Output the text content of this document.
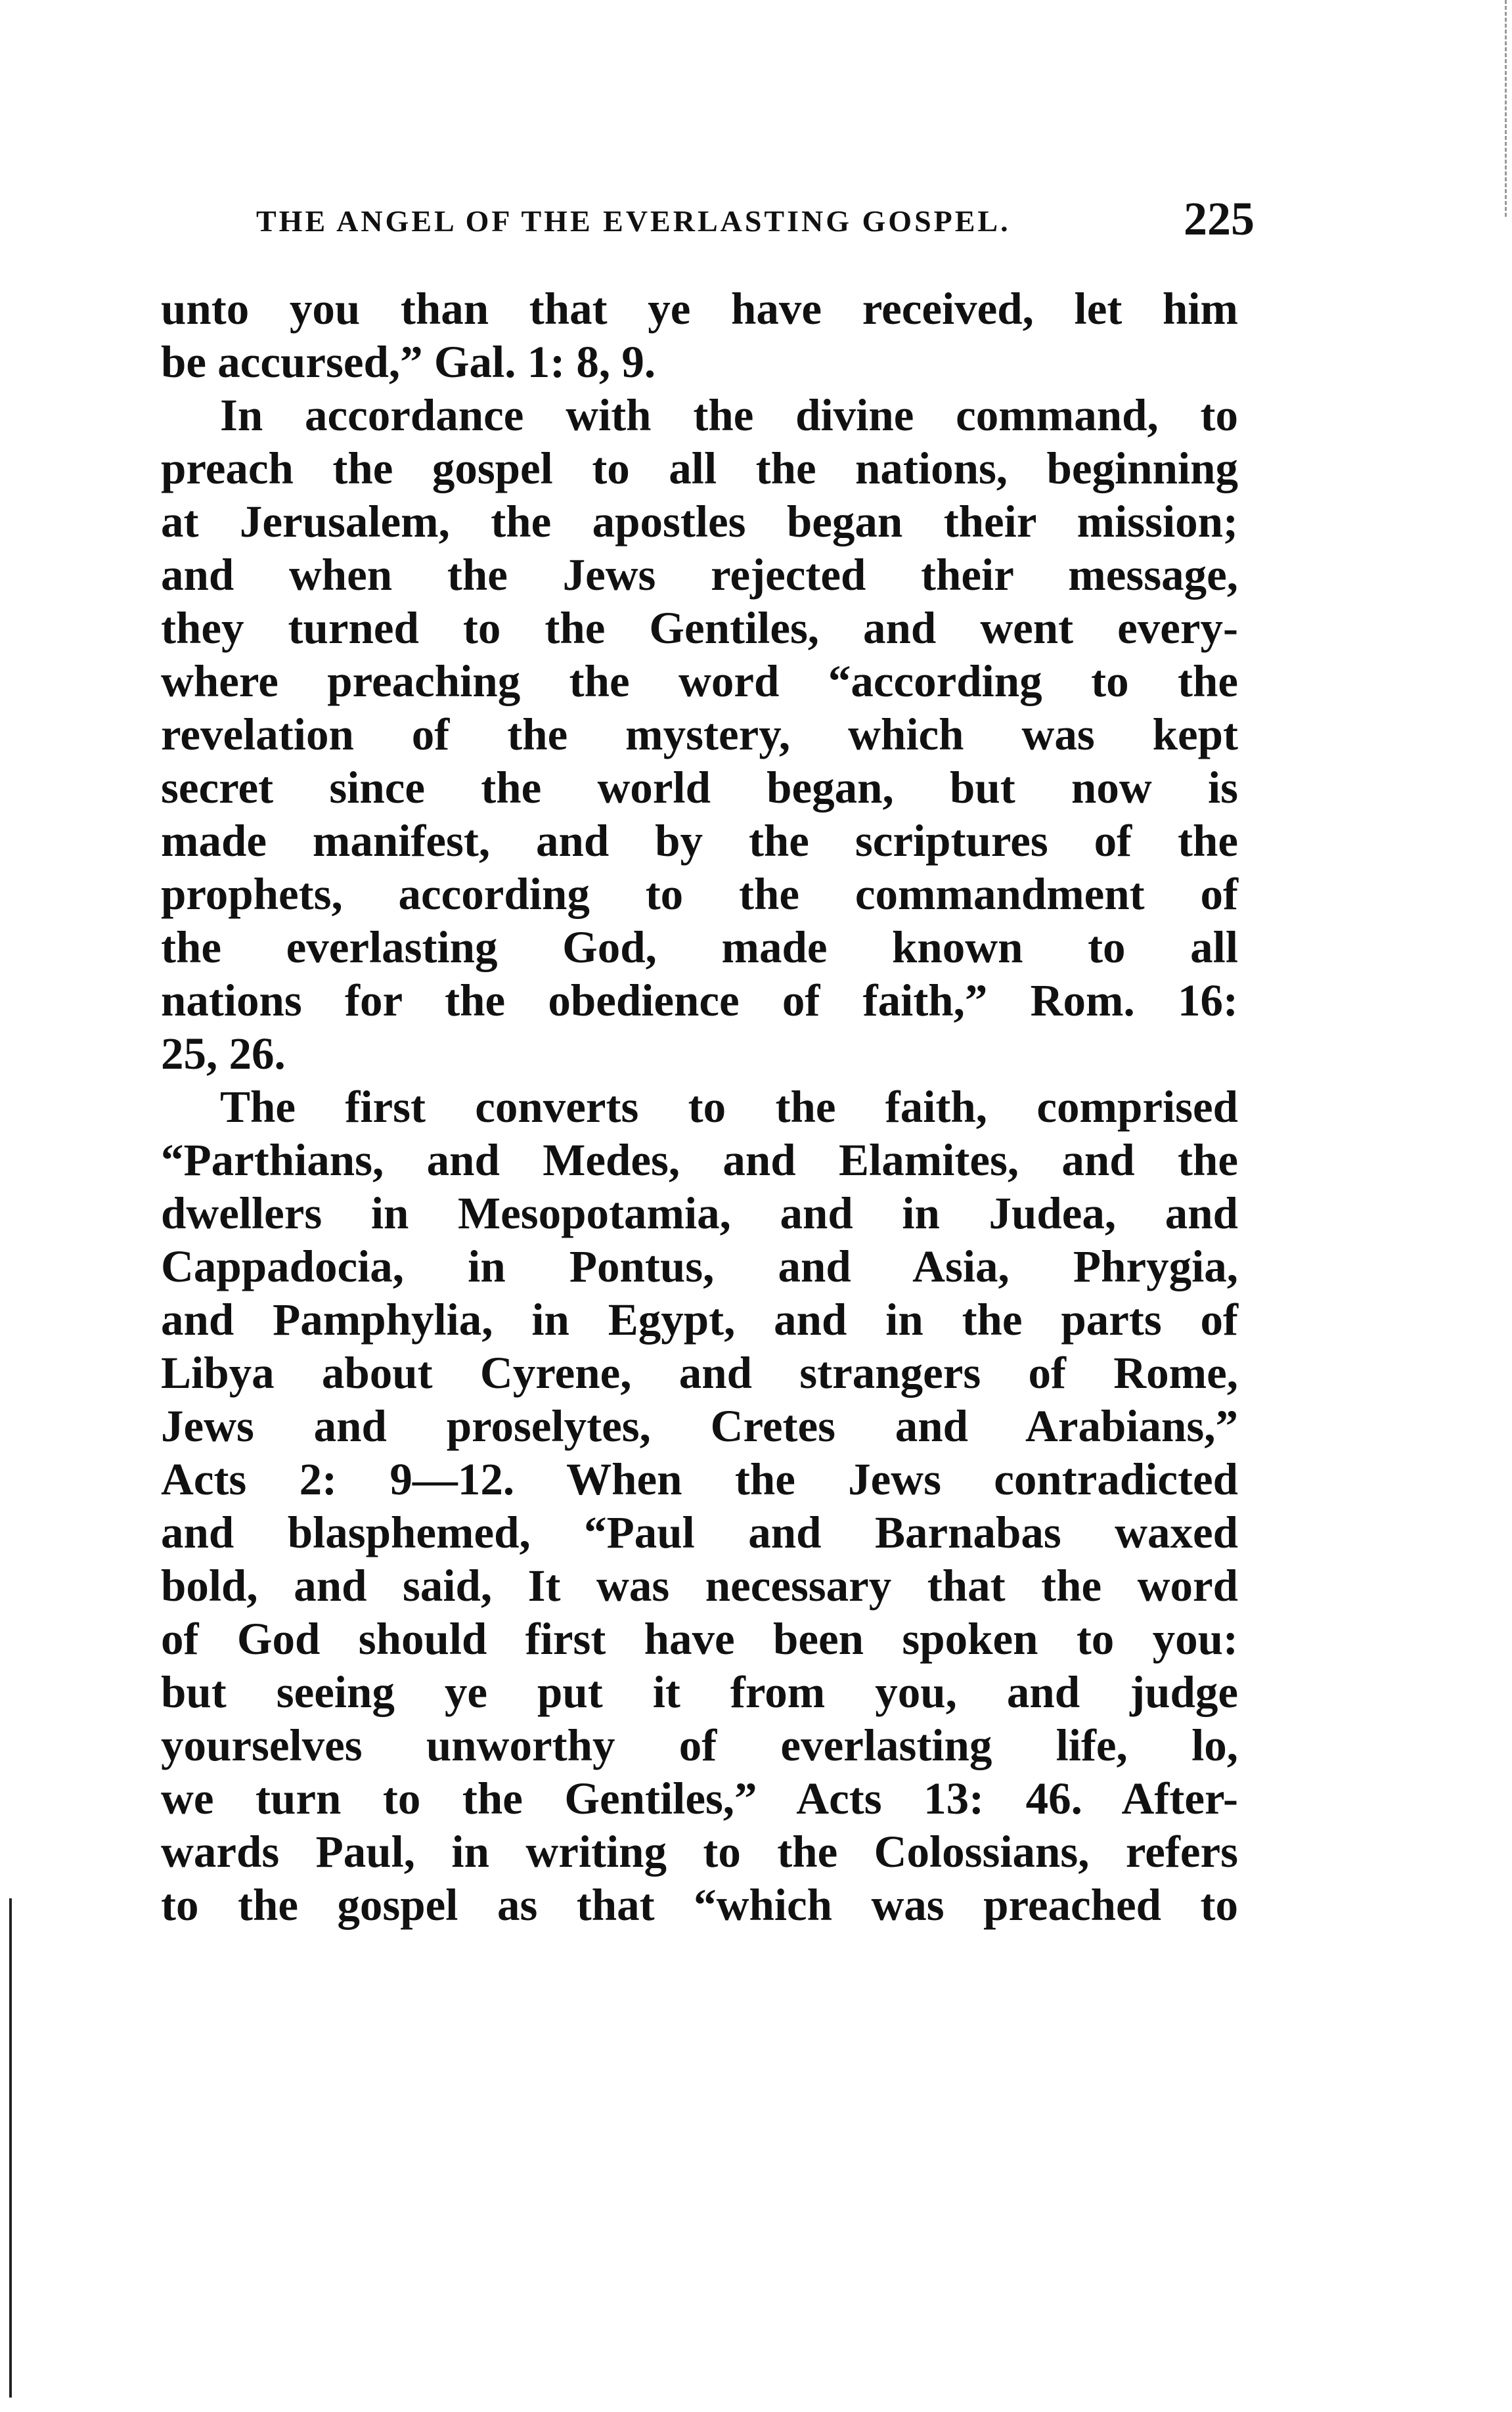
THE ANGEL OF THE EVERLASTING GOSPEL.	225
unto you than that ye have received, let him
be accursed,” Gal. 1: 8, 9.
In accordance with the divine command, to
preach the gospel to all the nations, beginning
at Jerusalem, the apostles began their mission;
and when the Jews rejected their message,
they turned to the Gentiles, and went every-
where preaching the word “according to the
revelation of the mystery, which was kept
secret since the world began, but now is
made manifest, and by the scriptures of the
prophets, according to the commandment of
the everlasting God, made known to all
nations for the obedience of faith,” Rom. 16:
25, 26.
The first converts to the faith, comprised
“Parthians, and Medes, and Elamites, and the
dwellers in Mesopotamia, and in Judea, and
Cappadocia, in Pontus, and Asia, Phrygia,
and Pamphylia, in Egypt, and in the parts of
Libya about Cyrene, and strangers of Rome,
Jews and proselytes, Cretes and Arabians,”
Acts 2: 9—12. When the Jews contradicted
and blasphemed, “Paul and Barnabas waxed
bold, and said, It was necessary that the word
of God should first have been spoken to you:
but seeing ye put it from you, and judge
yourselves unworthy of everlasting life, lo,
we turn to the Gentiles,” Acts 13: 46. After-
wards Paul, in writing to the Colossians, refers
to the gospel as that “which was preached to
